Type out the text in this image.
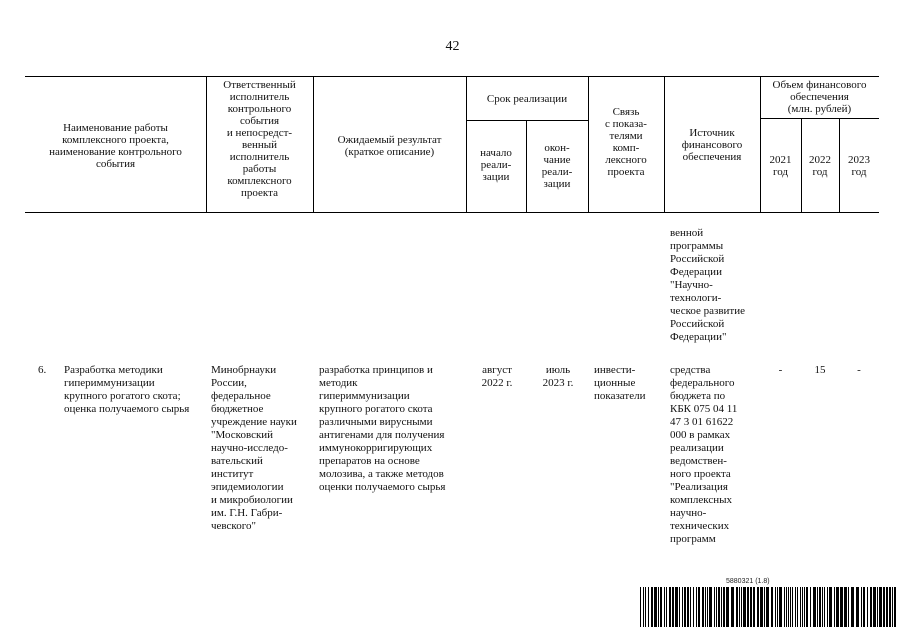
42
Наименование работы
комплексного проекта,
наименование контрольного
события
Ответственный
исполнитель
контрольного
события
и непосредст-
венный
исполнитель
работы
комплексного
проекта
Ожидаемый результат
(краткое описание)
Срок реализации
начало
реали-
зации
окон-
чание
реали-
зации
Связь
с показа-
телями
комп-
лексного
проекта
Источник
финансового
обеспечения
Объем финансового
обеспечения
(млн. рублей)
2021
год
2022
год
2023
год
венной
программы
Российской
Федерации
"Научно-
технологи-
ческое развитие
Российской
Федерации"
6. Разработка методики
гипериммунизации
крупного рогатого скота;
оценка получаемого сырья
Минобрнауки
России,
федеральное
бюджетное
учреждение науки
"Московский
научно-исследо-
вательский
институт
эпидемиологии
и микробиологии
им. Г.Н. Габри-
чевского"
разработка принципов и
методик
гипериммунизации
крупного рогатого скота
различными вирусными
антигенами для получения
иммунокорригирующих
препаратов на основе
молозива, а также методов
оценки получаемого сырья
август
2022 г.
июль
2023 г.
инвести-
ционные
показатели
средства
федерального
бюджета по
КБК 075 04 11
47 3 01 61622
000 в рамках
реализации
ведомствен-
ного проекта
"Реализация
комплексных
научно-
технических
программ
-	15	-
5880321 (1.8)
